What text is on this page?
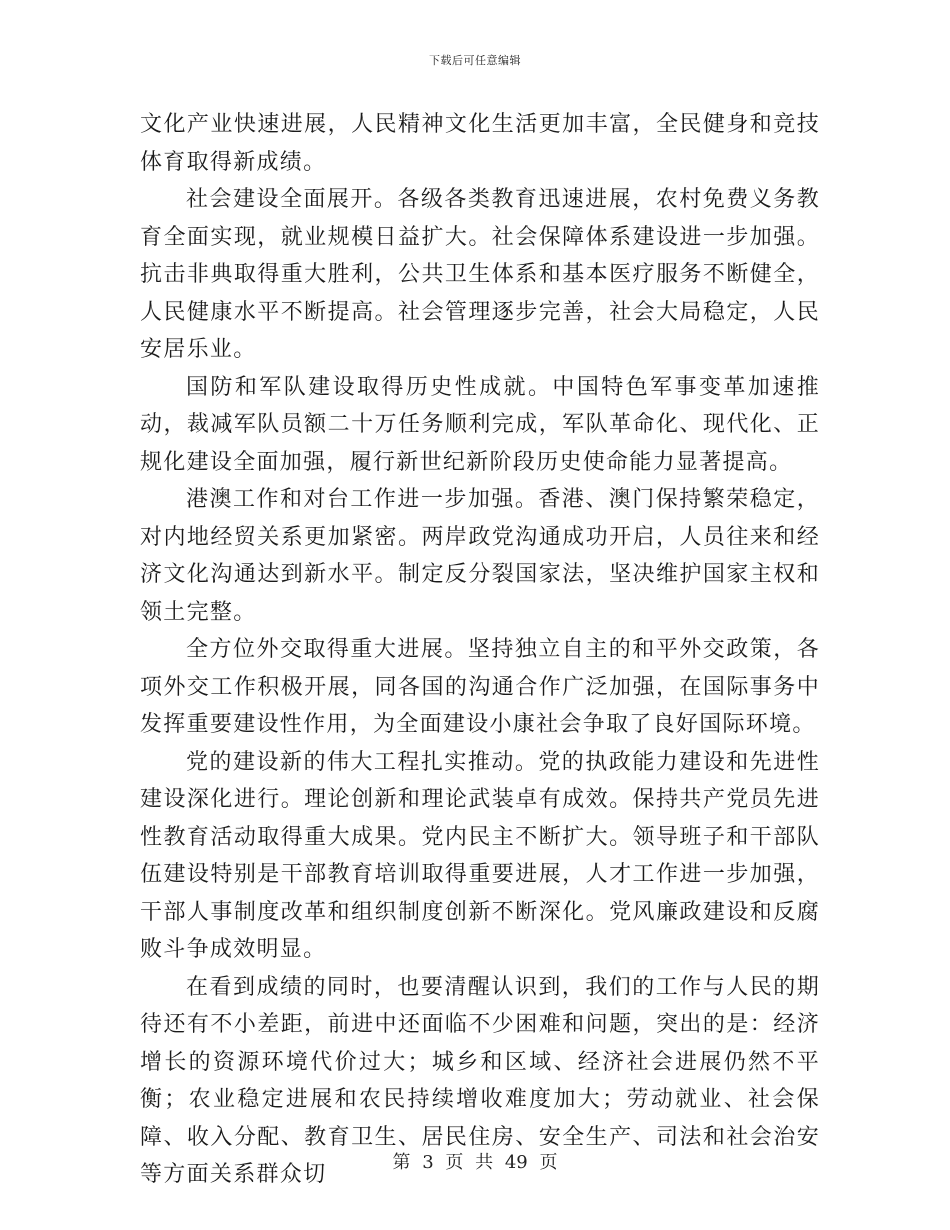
下载后可任意编辑

文化产业快速进展，人民精神文化生活更加丰富，全民健身和竞技体育取得新成绩。

社会建设全面展开。各级各类教育迅速进展，农村免费义务教育全面实现，就业规模日益扩大。社会保障体系建设进一步加强。抗击非典取得重大胜利，公共卫生体系和基本医疗服务不断健全，人民健康水平不断提高。社会管理逐步完善，社会大局稳定，人民安居乐业。

国防和军队建设取得历史性成就。中国特色军事变革加速推动，裁减军队员额二十万任务顺利完成，军队革命化、现代化、正规化建设全面加强，履行新世纪新阶段历史使命能力显著提高。

港澳工作和对台工作进一步加强。香港、澳门保持繁荣稳定，对内地经贸关系更加紧密。两岸政党沟通成功开启，人员往来和经济文化沟通达到新水平。制定反分裂国家法，坚决维护国家主权和领土完整。

全方位外交取得重大进展。坚持独立自主的和平外交政策，各项外交工作积极开展，同各国的沟通合作广泛加强，在国际事务中发挥重要建设性作用，为全面建设小康社会争取了良好国际环境。

党的建设新的伟大工程扎实推动。党的执政能力建设和先进性建设深化进行。理论创新和理论武装卓有成效。保持共产党员先进性教育活动取得重大成果。党内民主不断扩大。领导班子和干部队伍建设特别是干部教育培训取得重要进展，人才工作进一步加强，干部人事制度改革和组织制度创新不断深化。党风廉政建设和反腐败斗争成效明显。

在看到成绩的同时，也要清醒认识到，我们的工作与人民的期待还有不小差距，前进中还面临不少困难和问题，突出的是：经济增长的资源环境代价过大；城乡和区域、经济社会进展仍然不平衡；农业稳定进展和农民持续增收难度加大；劳动就业、社会保障、收入分配、教育卫生、居民住房、安全生产、司法和社会治安等方面关系群众切	第 3 页 共 49 页
